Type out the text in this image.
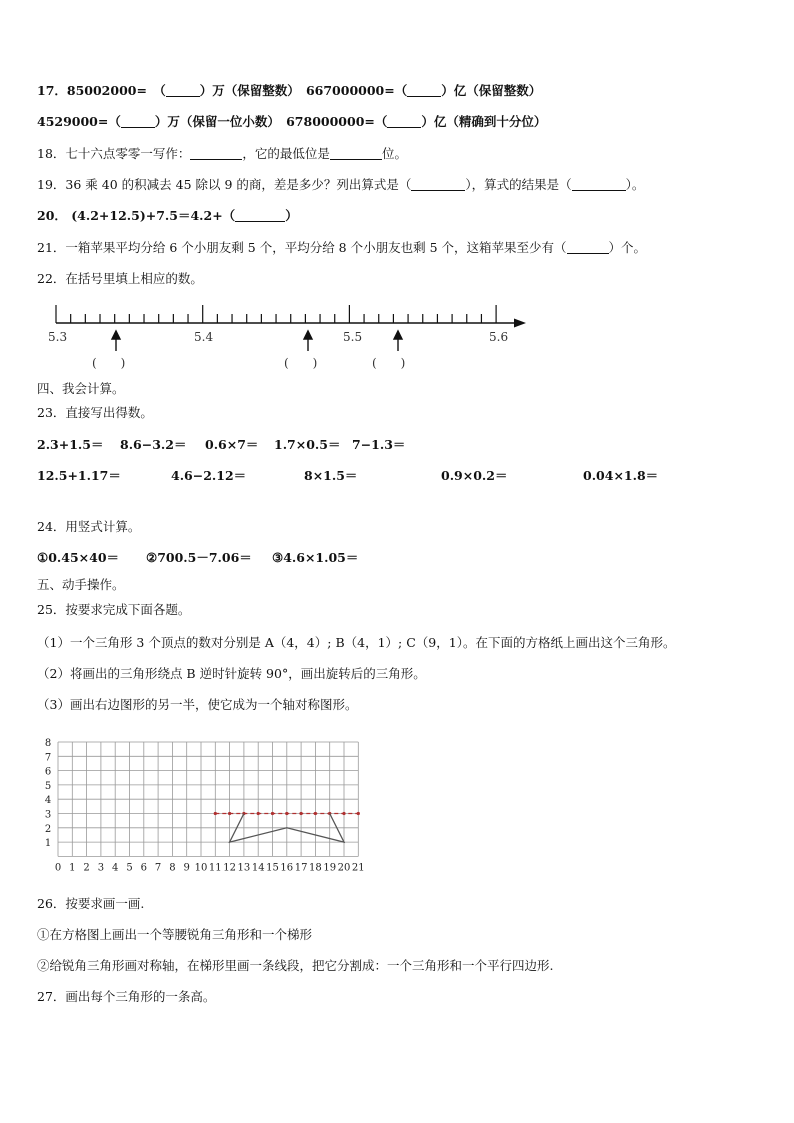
17．85002000=　（	）万（保留整数）　667000000=（	）亿（保留整数）
4529000=（	）万（保留一位小数）　678000000=（	）亿（精确到十分位）
18．七十六点零零一写作：	，它的最低位是	位。
19．36 乘 40 的积减去 45 除以 9 的商，差是多少？列出算式是（	），算式的结果是（	）。
20． (4.2+12.5)+7.5＝4.2+（	）
21．一箱苹果平均分给 6 个小朋友剩 5 个，平均分给 8 个小朋友也剩 5 个，这箱苹果至少有（	）个。
22．在括号里填上相应的数。
5.3	5.4	5.5	5.6
(　　)	(　　)	(　　)
四、我会计算。
23．直接写出得数。
2.3+1.5＝ 8.6−3.2＝ 0.6×7＝ 1.7×0.5＝ 7−1.3＝
12.5+1.17＝	4.6−2.12＝	8×1.5＝	0.9×0.2＝	0.04×1.8＝
24．用竖式计算。
①0.45×40＝ ②700.5－7.06＝ ③4.6×1.05＝
五、动手操作。
25．按要求完成下面各题。
（1）一个三角形 3 个顶点的数对分别是 A（4，4）; B（4，1）; C（9，1）。在下面的方格纸上画出这个三角形。
（2）将画出的三角形绕点 B 逆时针旋转 90°，画出旋转后的三角形。
（3）画出右边图形的另一半，使它成为一个轴对称图形。
0 1 2 3 4 5 6 7 8 9 10 11 12 13 14 15 16 17 18 19 20 21
1
2
3
4
5
6
7
8
26．按要求画一画.
①在方格图上画出一个等腰锐角三角形和一个梯形
②给锐角三角形画对称轴，在梯形里画一条线段，把它分割成：一个三角形和一个平行四边形.
27．画出每个三角形的一条高。
